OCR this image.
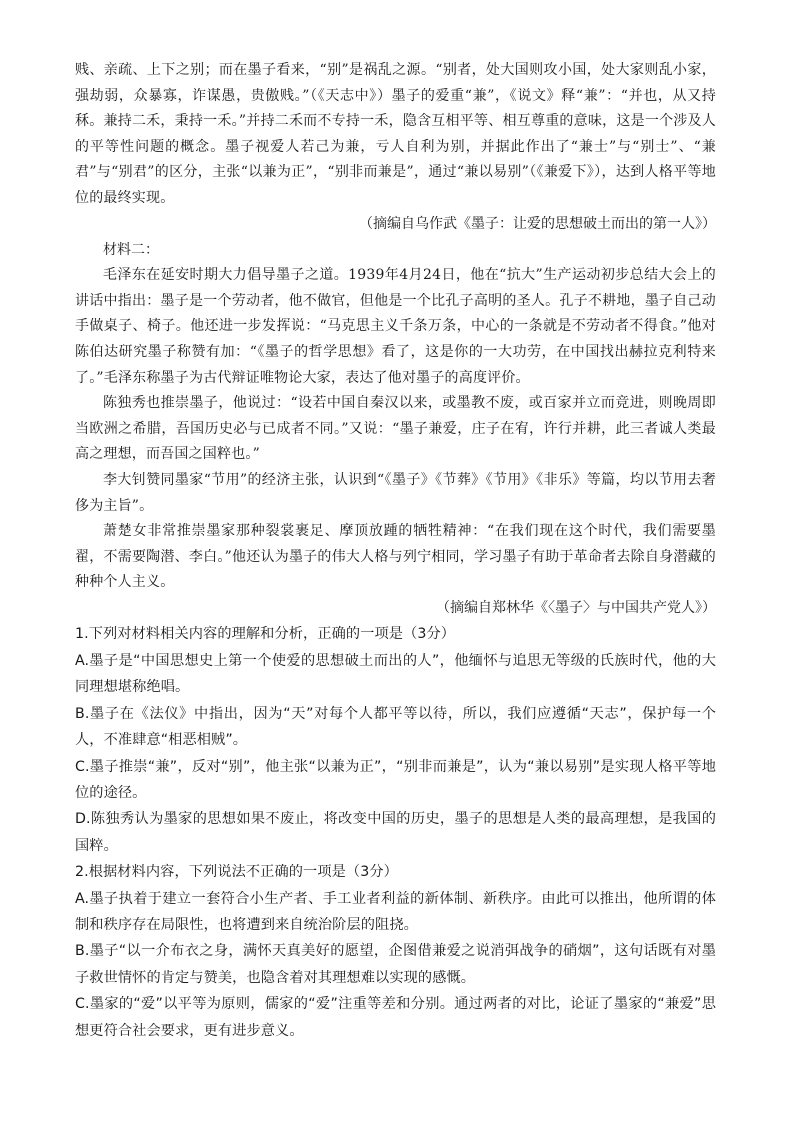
贱、亲疏、上下之别；而在墨子看来，“别”是祸乱之源。“别者，处大国则攻小国，处大家则乱小家，强劫弱，众暴寡，诈谋愚，贵傲贱。”（《天志中》）墨子的爱重“兼”，《说文》释“兼”：“并也，从又持秝。兼持二禾，秉持一禾。”并持二禾而不专持一禾，隐含互相平等、相互尊重的意味，这是一个涉及人的平等性问题的概念。墨子视爱人若己为兼，亏人自利为别，并据此作出了“兼士”与“别士”、“兼君”与“别君”的区分，主张“以兼为正”，“别非而兼是”，通过“兼以易别”（《兼爱下》），达到人格平等地位的最终实现。

（摘编自乌作武《墨子：让爱的思想破土而出的第一人》）

材料二：

毛泽东在延安时期大力倡导墨子之道。1939年4月24日，他在“抗大”生产运动初步总结大会上的讲话中指出：墨子是一个劳动者，他不做官，但他是一个比孔子高明的圣人。孔子不耕地，墨子自己动手做桌子、椅子。他还进一步发挥说：“马克思主义千条万条，中心的一条就是不劳动者不得食。”他对陈伯达研究墨子称赞有加：“《墨子的哲学思想》看了，这是你的一大功劳，在中国找出赫拉克利特来了。”毛泽东称墨子为古代辩证唯物论大家，表达了他对墨子的高度评价。

陈独秀也推崇墨子，他说过：“设若中国自秦汉以来，或墨教不废，或百家并立而竞进，则晚周即当欧洲之希腊，吾国历史必与已成者不同。”又说：“墨子兼爱，庄子在宥，许行并耕，此三者诚人类最高之理想，而吾国之国粹也。”

李大钊赞同墨家“节用”的经济主张，认识到“《墨子》《节葬》《节用》《非乐》等篇，均以节用去奢侈为主旨”。

萧楚女非常推崇墨家那种裂裳裹足、摩顶放踵的牺牲精神：“在我们现在这个时代，我们需要墨翟，不需要陶潜、李白。”他还认为墨子的伟大人格与列宁相同，学习墨子有助于革命者去除自身潜藏的种种个人主义。

（摘编自郑林华《〈墨子〉与中国共产党人》）

1.下列对材料相关内容的理解和分析，正确的一项是（3分）

A.墨子是“中国思想史上第一个使爱的思想破土而出的人”，他缅怀与追思无等级的氏族时代，他的大同理想堪称绝唱。

B.墨子在《法仪》中指出，因为“天”对每个人都平等以待，所以，我们应遵循“天志”，保护每一个人，不准肆意“相恶相贼”。

C.墨子推崇“兼”，反对“别”，他主张“以兼为正”，“别非而兼是”，认为“兼以易别”是实现人格平等地位的途径。

D.陈独秀认为墨家的思想如果不废止，将改变中国的历史，墨子的思想是人类的最高理想，是我国的国粹。

2.根据材料内容，下列说法不正确的一项是（3分）

A.墨子执着于建立一套符合小生产者、手工业者利益的新体制、新秩序。由此可以推出，他所谓的体制和秩序存在局限性，也将遭到来自统治阶层的阻挠。

B.墨子“以一介布衣之身，满怀天真美好的愿望，企图借兼爱之说消弭战争的硝烟”，这句话既有对墨子救世情怀的肯定与赞美，也隐含着对其理想难以实现的感慨。

C.墨家的“爱”以平等为原则，儒家的“爱”注重等差和分别。通过两者的对比，论证了墨家的“兼爱”思想更符合社会要求，更有进步意义。
